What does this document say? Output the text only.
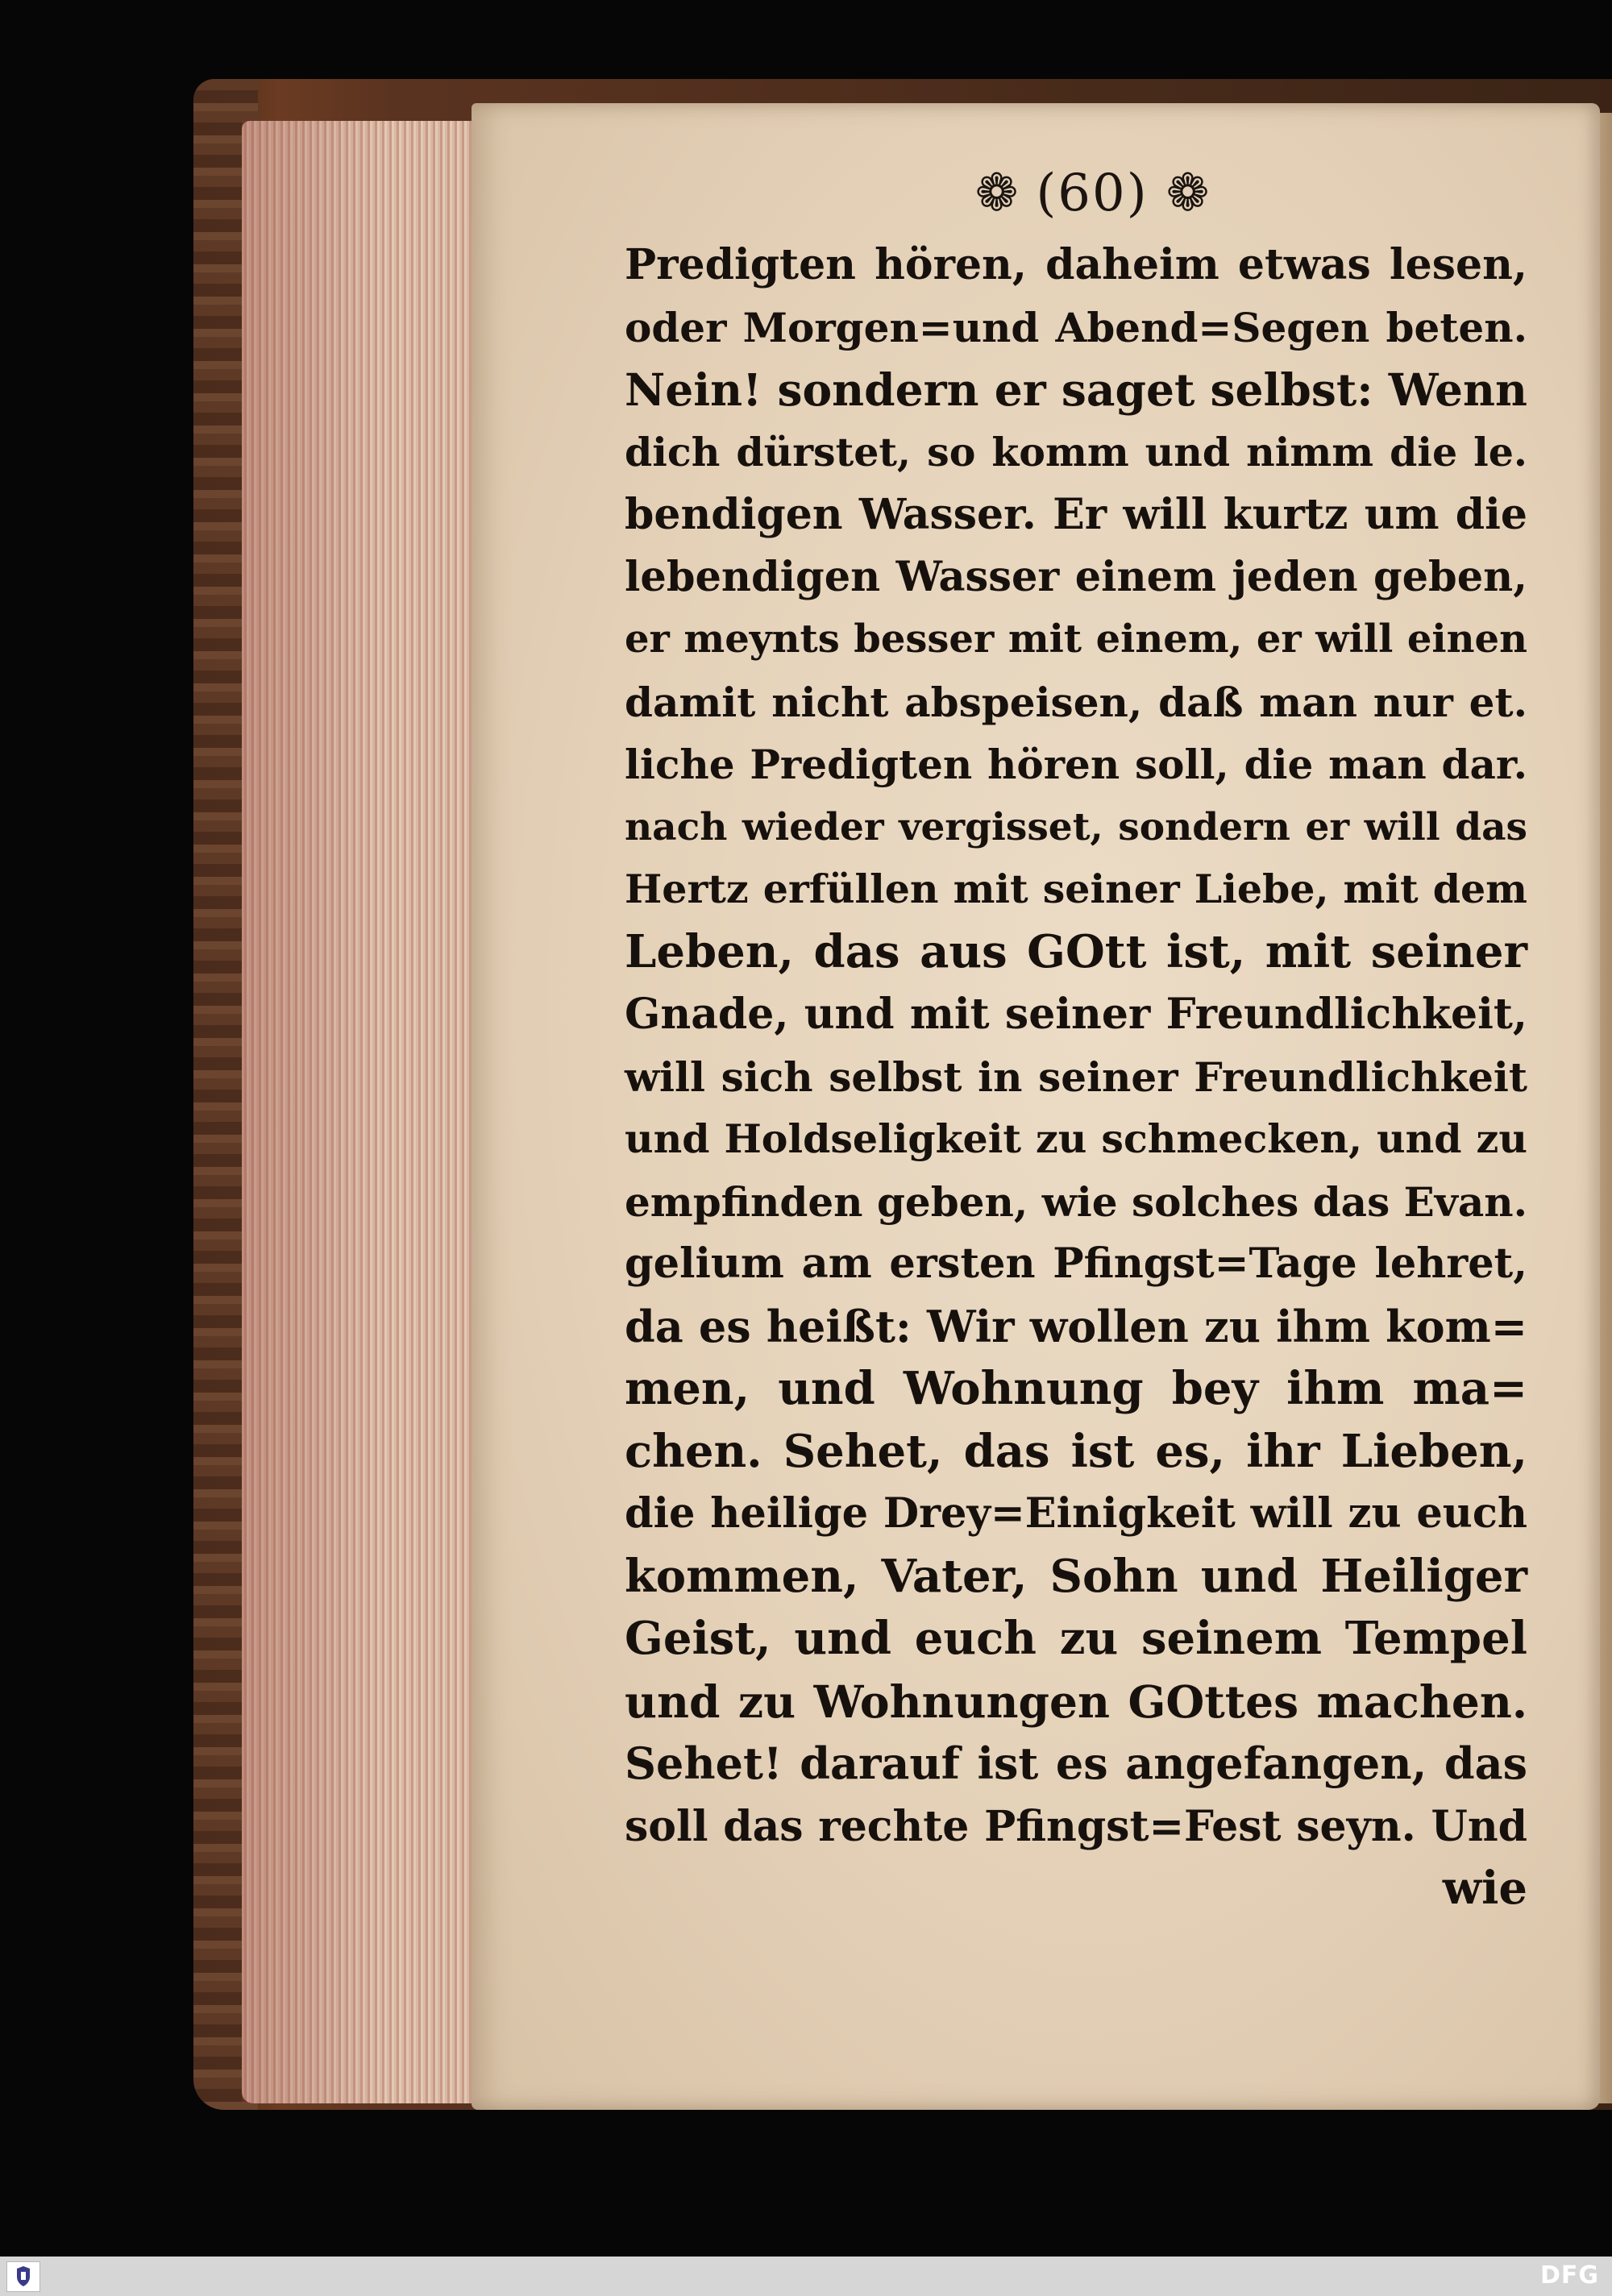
❁ (60) ❁
Predigten hören, daheim etwas lesen,
oder Morgen=und Abend=Segen beten.
Nein! sondern er saget selbst: Wenn
dich dürstet, so komm und nimm die le.
bendigen Wasser. Er will kurtz um die
lebendigen Wasser einem jeden geben,
er meynts besser mit einem, er will einen
damit nicht abspeisen, daß man nur et.
liche Predigten hören soll, die man dar.
nach wieder vergisset, sondern er will das
Hertz erfüllen mit seiner Liebe, mit dem
Leben, das aus GOtt ist, mit seiner
Gnade, und mit seiner Freundlichkeit,
will sich selbst in seiner Freundlichkeit
und Holdseligkeit zu schmecken, und zu
empfinden geben, wie solches das Evan.
gelium am ersten Pfingst=Tage lehret,
da es heißt: Wir wollen zu ihm kom=
men, und Wohnung bey ihm ma=
chen. Sehet, das ist es, ihr Lieben,
die heilige Drey=Einigkeit will zu euch
kommen, Vater, Sohn und Heiliger
Geist, und euch zu seinem Tempel
und zu Wohnungen GOttes machen.
Sehet! darauf ist es angefangen, das
soll das rechte Pfingst=Fest seyn. Und
wie
DFG
